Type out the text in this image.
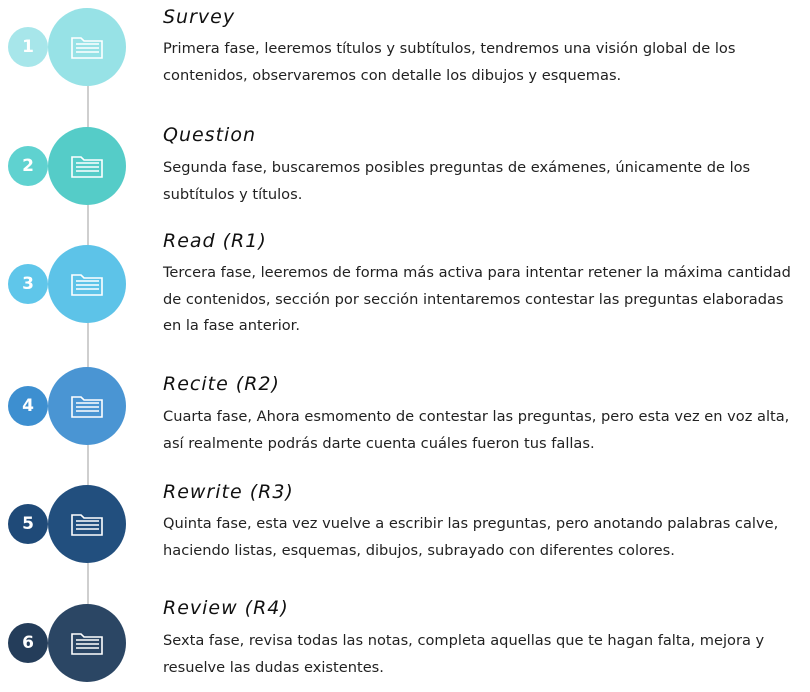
1
Survey
Primera fase, leeremos títulos y subtítulos, tendremos una visión global de los contenidos, observaremos con detalle los dibujos y esquemas.
2
Question
Segunda fase, buscaremos posibles preguntas de exámenes, únicamente de los subtítulos y títulos.
3
Read (R1)
Tercera fase, leeremos de forma más activa para intentar retener la máxima cantidad de contenidos, sección por sección intentaremos contestar las preguntas elaboradas en la fase anterior.
4
Recite (R2)
Cuarta fase, Ahora esmomento de contestar las preguntas, pero esta vez en voz alta, así realmente podrás darte cuenta cuáles fueron tus fallas.
5
Rewrite (R3)
Quinta fase, esta vez vuelve a escribir las preguntas, pero anotando palabras calve, haciendo listas, esquemas, dibujos, subrayado con diferentes colores.
6
Review (R4)
Sexta fase, revisa todas las notas, completa aquellas que te hagan falta, mejora y resuelve las dudas existentes.
